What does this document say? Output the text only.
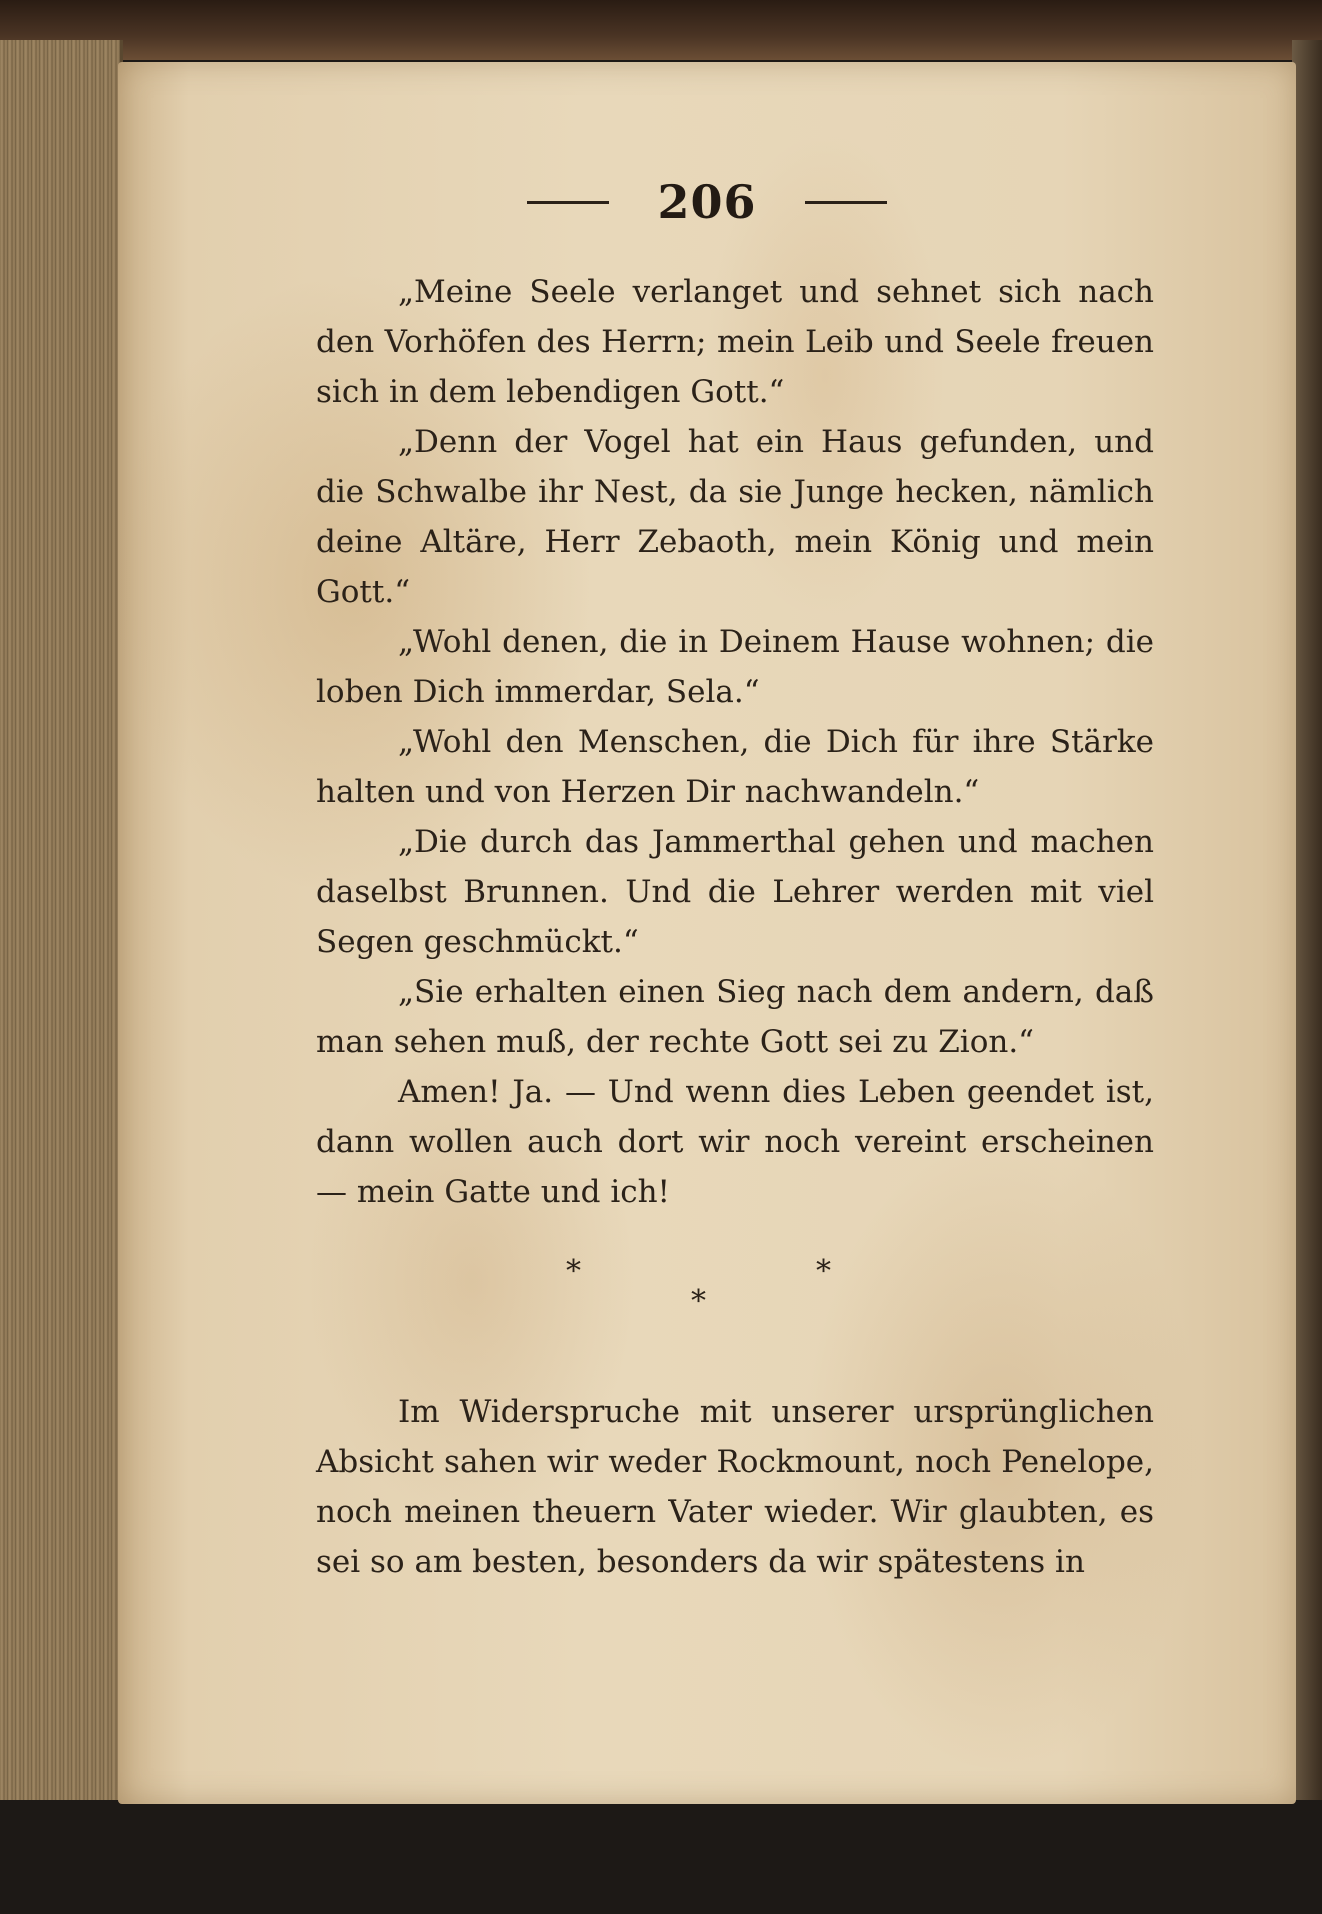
206

„Meine Seele verlanget und sehnet sich nach den Vorhöfen des Herrn; mein Leib und Seele freuen sich in dem lebendigen Gott.“

„Denn der Vogel hat ein Haus gefunden, und die Schwalbe ihr Nest, da sie Junge hecken, nämlich deine Altäre, Herr Zebaoth, mein König und mein Gott.“

„Wohl denen, die in Deinem Hause wohnen; die loben Dich immerdar, Sela.“

„Wohl den Menschen, die Dich für ihre Stärke halten und von Herzen Dir nachwandeln.“

„Die durch das Jammerthal gehen und machen daselbst Brunnen. Und die Lehrer werden mit viel Segen geschmückt.“

„Sie erhalten einen Sieg nach dem andern, daß man sehen muß, der rechte Gott sei zu Zion.“

Amen! Ja. — Und wenn dies Leben geendet ist, dann wollen auch dort wir noch vereint erscheinen — mein Gatte und ich!

*	*
*

Im Widerspruche mit unserer ursprünglichen Absicht sahen wir weder Rockmount, noch Penelope, noch meinen theuern Vater wieder. Wir glaubten, es sei so am besten, besonders da wir spätestens in
